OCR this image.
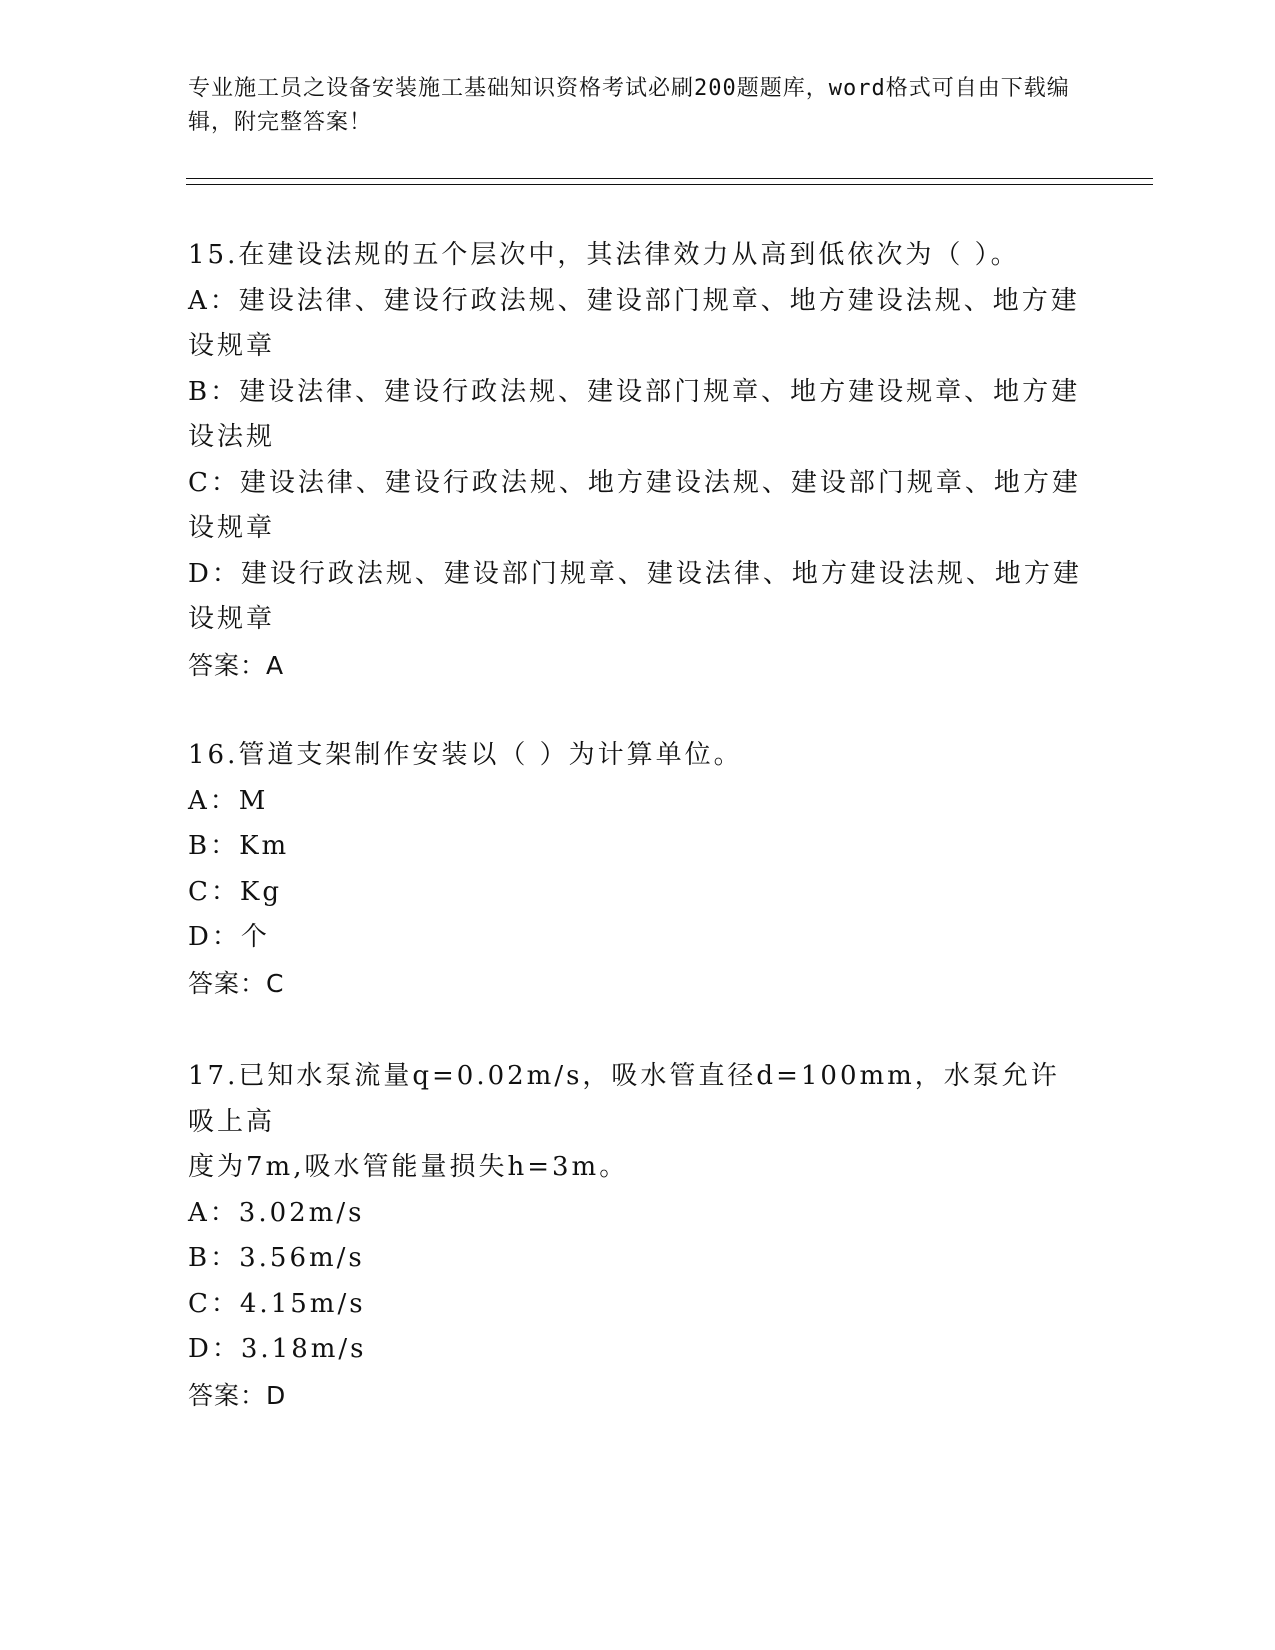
专业施工员之设备安装施工基础知识资格考试必刷200题题库，word格式可自由下载编辑，附完整答案！
15.在建设法规的五个层次中，其法律效力从高到低依次为（ ）。
A：建设法律、建设行政法规、建设部门规章、地方建设法规、地方建
设规章
B：建设法律、建设行政法规、建设部门规章、地方建设规章、地方建
设法规
C：建设法律、建设行政法规、地方建设法规、建设部门规章、地方建
设规章
D：建设行政法规、建设部门规章、建设法律、地方建设法规、地方建
设规章
答案：A
16.管道支架制作安装以（ ）为计算单位。
A：M
B：Km
C：Kg
D：个
答案：C
17.已知水泵流量q=0.02m/s，吸水管直径d=100mm，水泵允许吸上高
度为7m,吸水管能量损失h=3m。
A：3.02m/s
B：3.56m/s
C：4.15m/s
D：3.18m/s
答案：D
